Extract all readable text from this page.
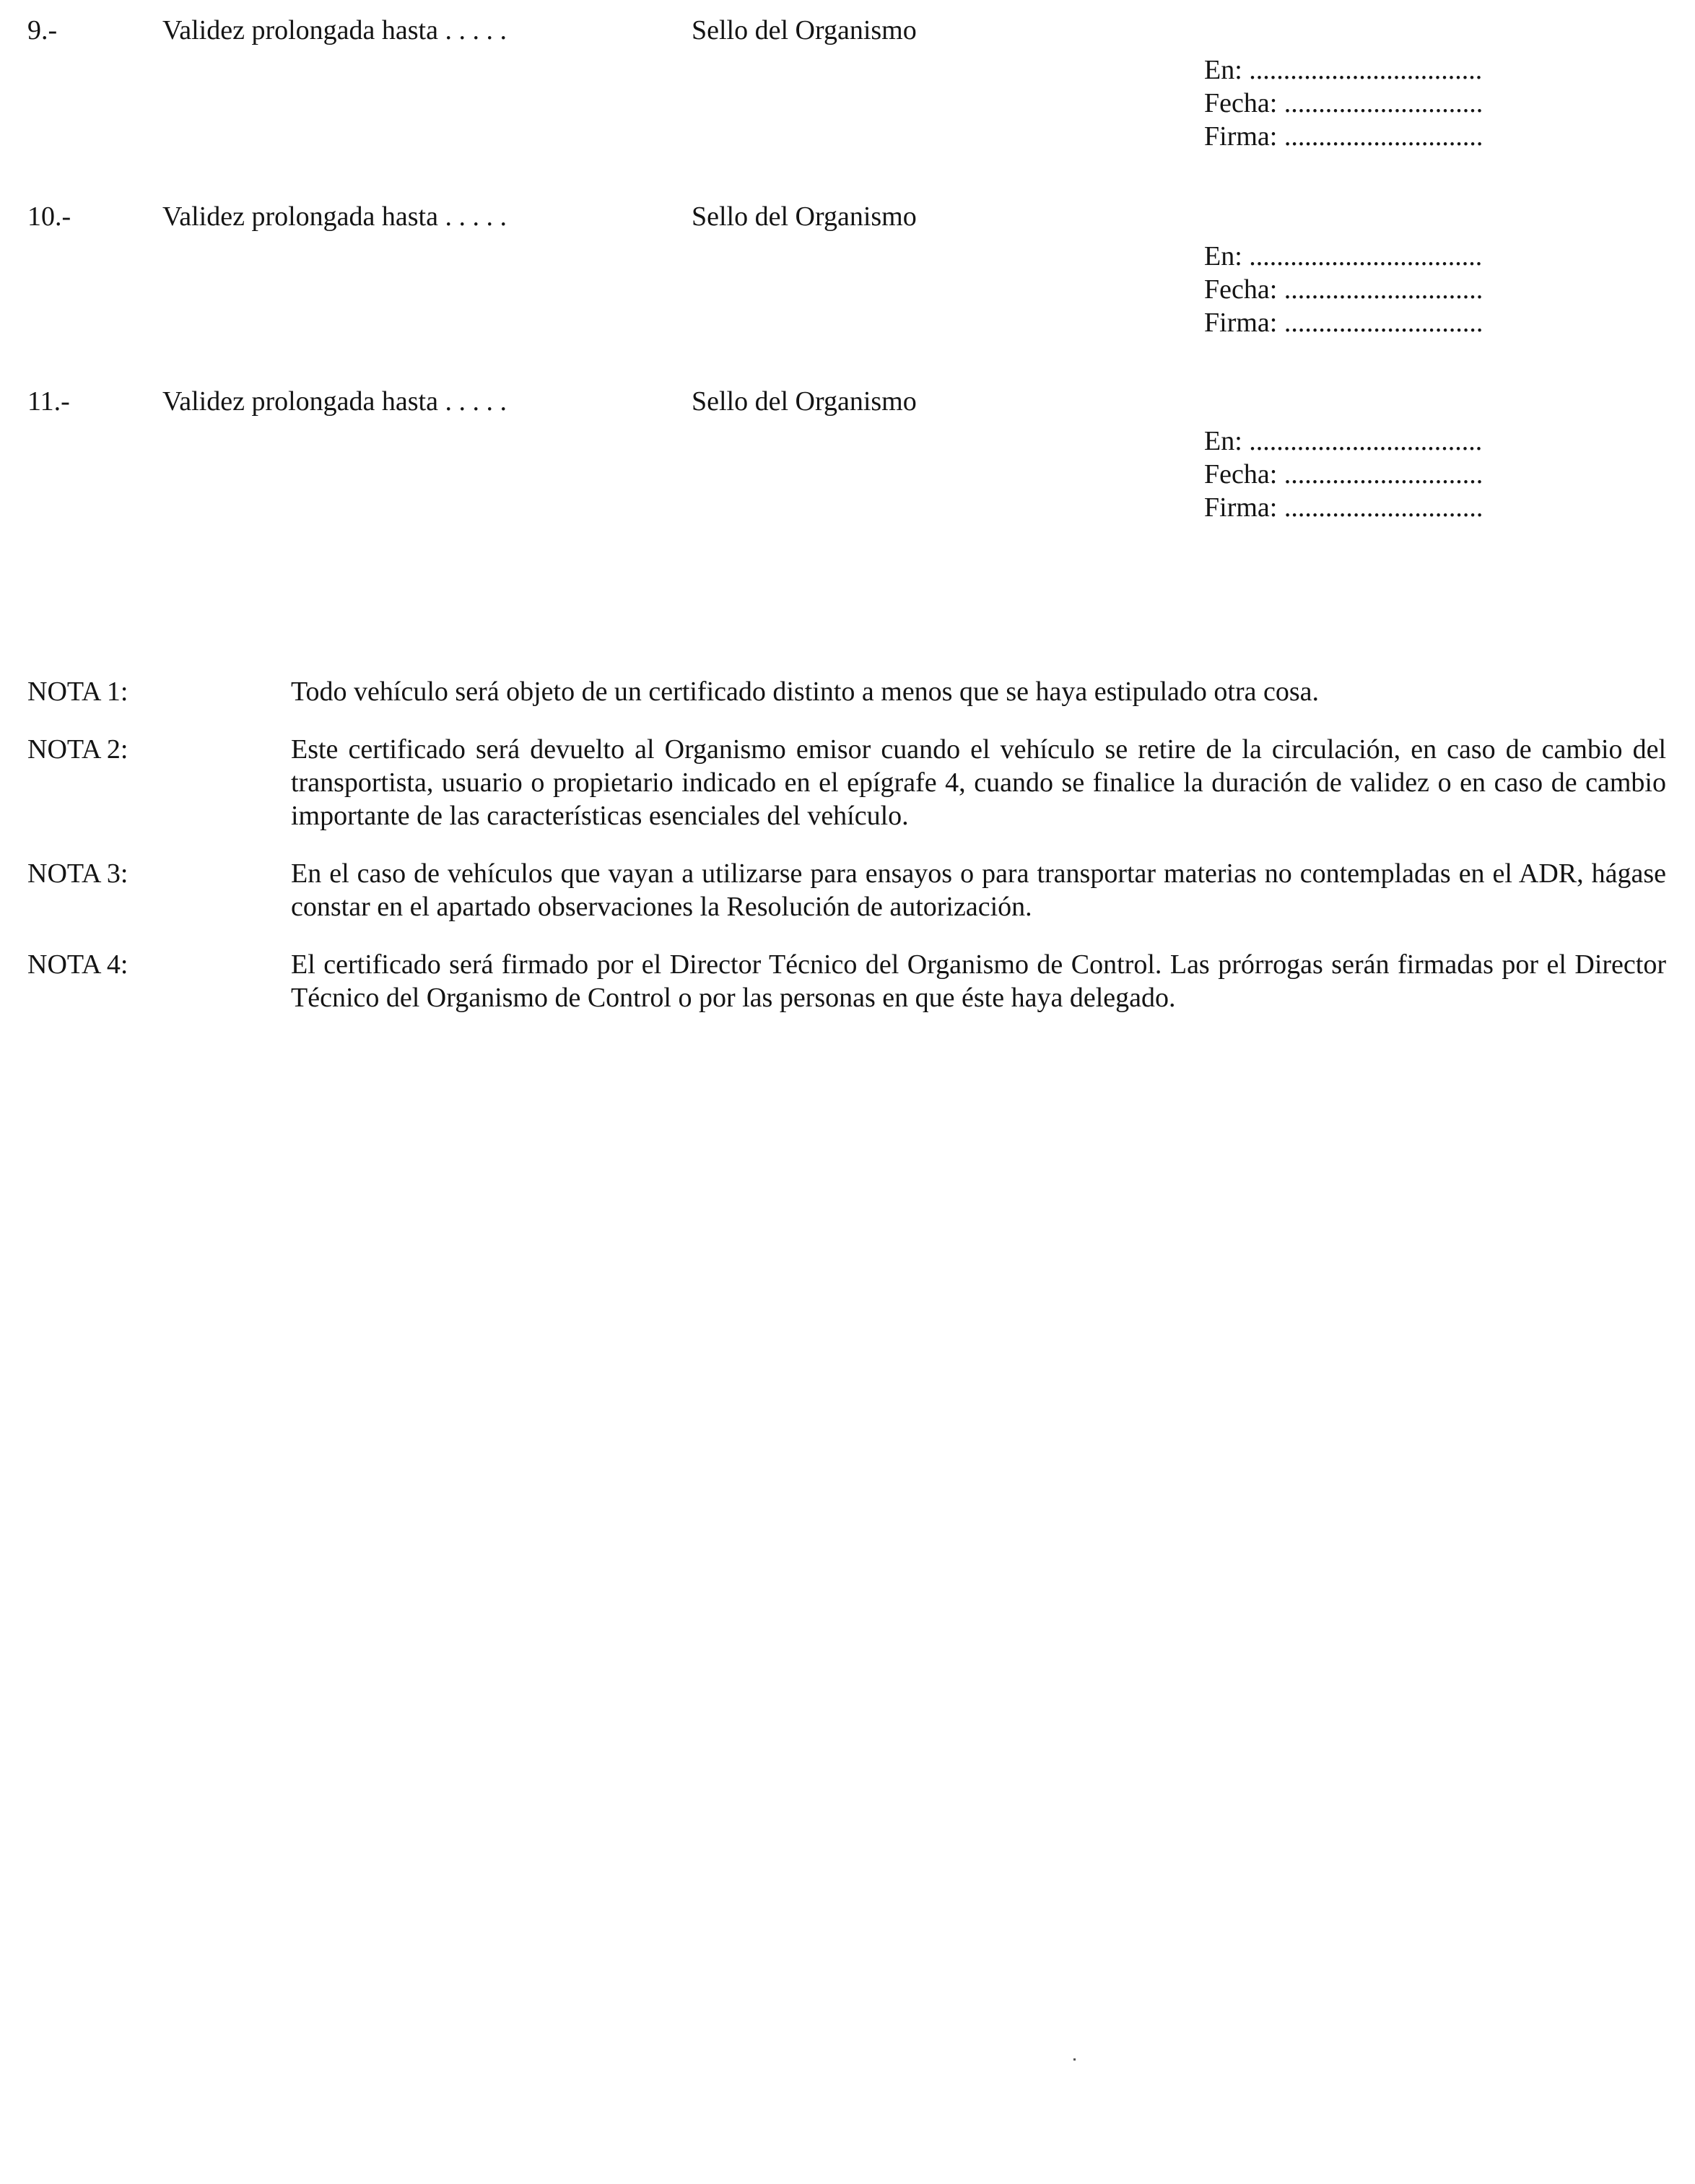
9.-	Validez prolongada hasta . . . . .	Sello del Organismo
En: ..................................
Fecha: .............................
Firma: .............................
10.-	Validez prolongada hasta . . . . .	Sello del Organismo
En: ..................................
Fecha: .............................
Firma: .............................
11.-	Validez prolongada hasta . . . . .	Sello del Organismo
En: ..................................
Fecha: .............................
Firma: .............................
NOTA 1:	Todo vehículo será objeto de un certificado distinto a menos que se haya estipulado otra cosa.
NOTA 2:	Este certificado será devuelto al Organismo emisor cuando el vehículo se retire de la circulación, en caso de cambio del transportista, usuario o propietario indicado en el epígrafe 4, cuando se finalice la duración de validez o en caso de cambio importante de las características esenciales del vehículo.
NOTA 3:	En el caso de vehículos que vayan a utilizarse para ensayos o para transportar materias no contempladas en el ADR, hágase constar en el apartado observaciones la Resolución de autorización.
NOTA 4:	El certificado será firmado por el Director Técnico del Organismo de Control. Las prórrogas serán firmadas por el Director Técnico del Organismo de Control o por las personas en que éste haya delegado.
